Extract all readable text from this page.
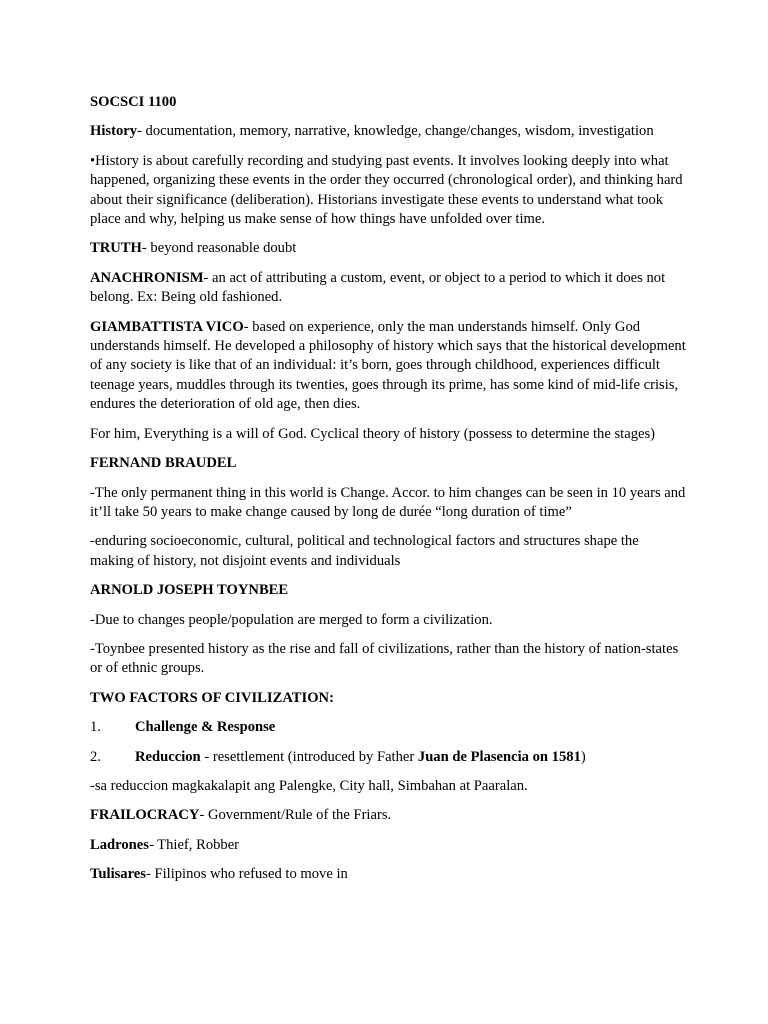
SOCSCI 1100

History- documentation, memory, narrative, knowledge, change/changes, wisdom, investigation

•History is about carefully recording and studying past events. It involves looking deeply into what happened, organizing these events in the order they occurred (chronological order), and thinking hard about their significance (deliberation). Historians investigate these events to understand what took place and why, helping us make sense of how things have unfolded over time.

TRUTH- beyond reasonable doubt

ANACHRONISM- an act of attributing a custom, event, or object to a period to which it does not belong. Ex: Being old fashioned.

GIAMBATTISTA VICO- based on experience, only the man understands himself. Only God understands himself. He developed a philosophy of history which says that the historical development of any society is like that of an individual: it’s born, goes through childhood, experiences difficult teenage years, muddles through its twenties, goes through its prime, has some kind of mid-life crisis, endures the deterioration of old age, then dies.

For him, Everything is a will of God. Cyclical theory of history (possess to determine the stages)

FERNAND BRAUDEL

-The only permanent thing in this world is Change. Accor. to him changes can be seen in 10 years and it’ll take 50 years to make change caused by long de durée “long duration of time”

-enduring socioeconomic, cultural, political and technological factors and structures shape the making of history, not disjoint events and individuals

ARNOLD JOSEPH TOYNBEE

-Due to changes people/population are merged to form a civilization.

-Toynbee presented history as the rise and fall of civilizations, rather than the history of nation-states or of ethnic groups.

TWO FACTORS OF CIVILIZATION:

1.	Challenge & Response

2.	Reduccion - resettlement (introduced by Father Juan de Plasencia on 1581)

-sa reduccion magkakalapit ang Palengke, City hall, Simbahan at Paaralan.

FRAILOCRACY- Government/Rule of the Friars.

Ladrones- Thief, Robber

Tulisares- Filipinos who refused to move in
